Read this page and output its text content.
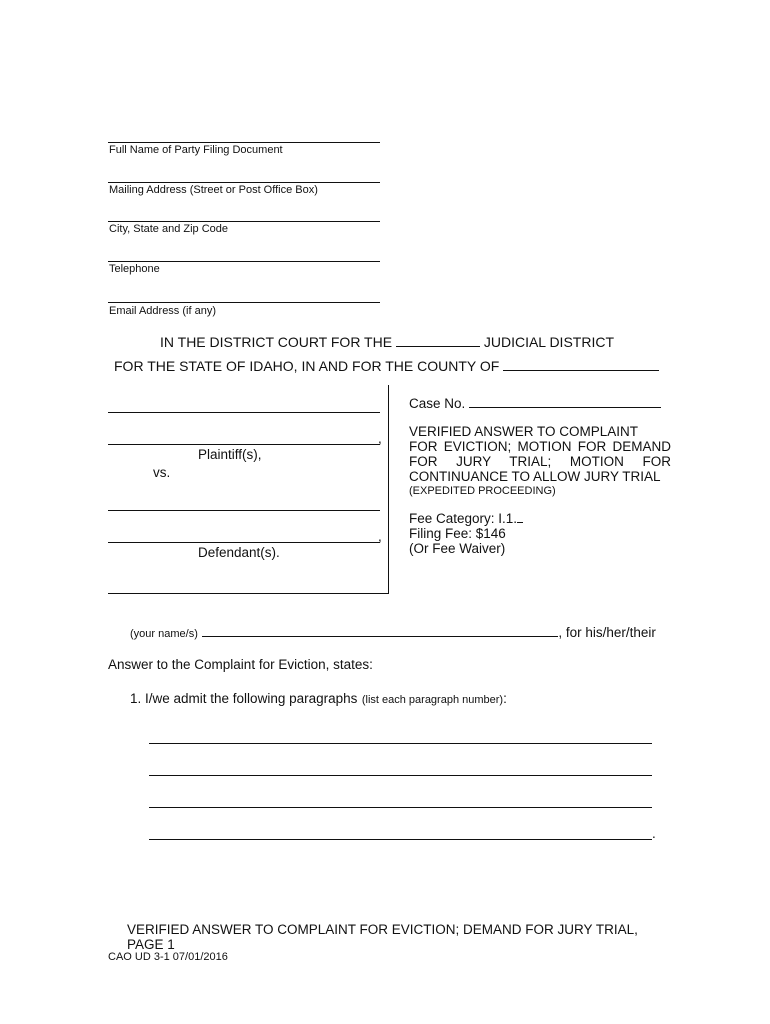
Full Name of Party Filing Document
Mailing Address (Street or Post Office Box)
City, State and Zip Code
Telephone
Email Address (if any)
IN THE DISTRICT COURT FOR THE	JUDICIAL DISTRICT
FOR THE STATE OF IDAHO, IN AND FOR THE COUNTY OF
,
Plaintiff(s),
vs.
,
Defendant(s).
Case No.
VERIFIED ANSWER TO COMPLAINT
FOR EVICTION; MOTION FOR DEMAND
FOR JURY TRIAL; MOTION FOR
CONTINUANCE TO ALLOW JURY TRIAL
(EXPEDITED PROCEEDING)
Fee Category: I.1.
Filing Fee: $146
(Or Fee Waiver)
(your name/s)	, for his/her/their
Answer to the Complaint for Eviction, states:
1. I/we admit the following paragraphs (list each paragraph number):
.
VERIFIED ANSWER TO COMPLAINT FOR EVICTION; DEMAND FOR JURY TRIAL,
PAGE 1
CAO UD 3-1 07/01/2016
